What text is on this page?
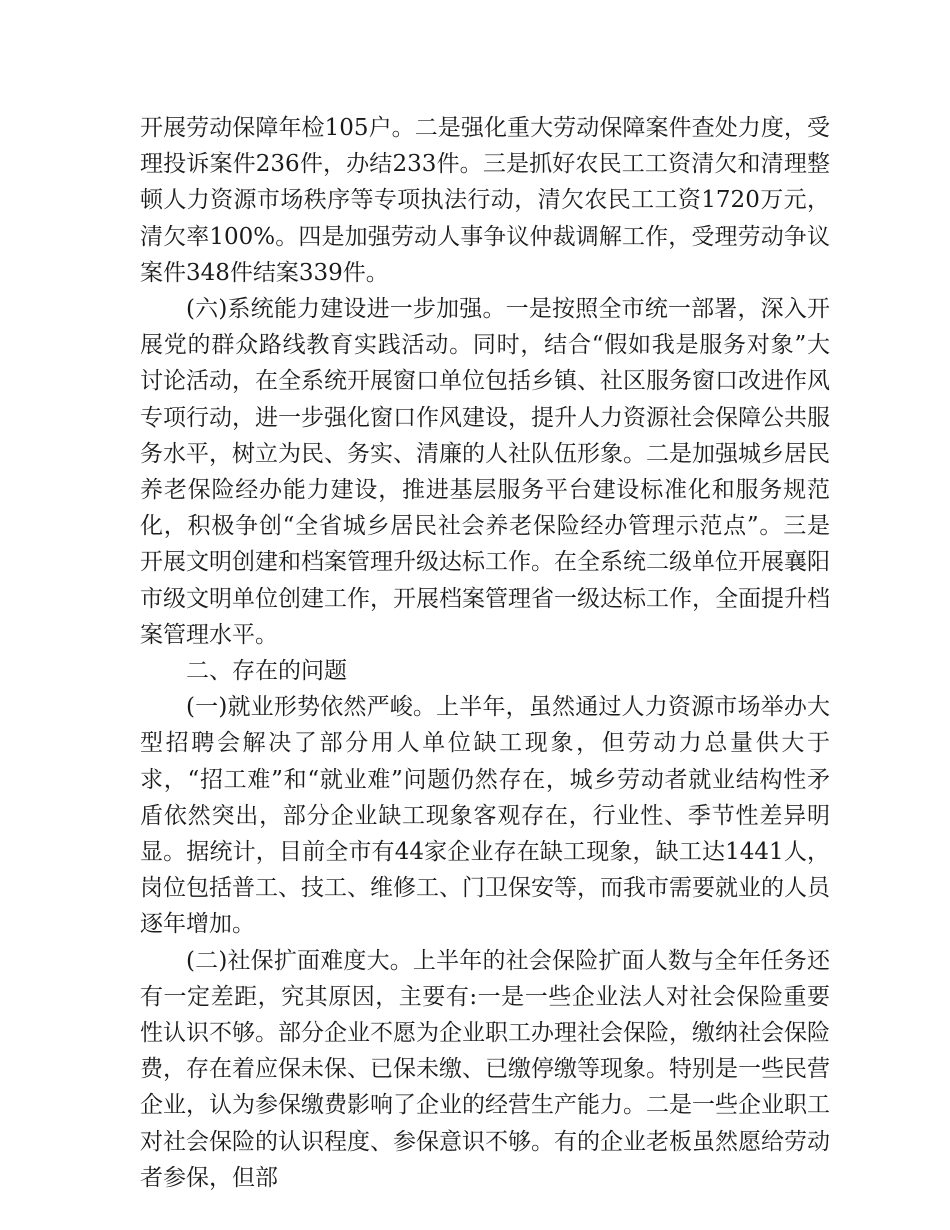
开展劳动保障年检105户。二是强化重大劳动保障案件查处力度，受理投诉案件236件，办结233件。三是抓好农民工工资清欠和清理整顿人力资源市场秩序等专项执法行动，清欠农民工工资1720万元，清欠率100%。四是加强劳动人事争议仲裁调解工作，受理劳动争议案件348件结案339件。

(六)系统能力建设进一步加强。一是按照全市统一部署，深入开展党的群众路线教育实践活动。同时，结合“假如我是服务对象”大讨论活动，在全系统开展窗口单位包括乡镇、社区服务窗口改进作风专项行动，进一步强化窗口作风建设，提升人力资源社会保障公共服务水平，树立为民、务实、清廉的人社队伍形象。二是加强城乡居民养老保险经办能力建设，推进基层服务平台建设标准化和服务规范化，积极争创“全省城乡居民社会养老保险经办管理示范点”。三是开展文明创建和档案管理升级达标工作。在全系统二级单位开展襄阳市级文明单位创建工作，开展档案管理省一级达标工作，全面提升档案管理水平。

二、存在的问题

(一)就业形势依然严峻。上半年，虽然通过人力资源市场举办大型招聘会解决了部分用人单位缺工现象，但劳动力总量供大于求，“招工难”和“就业难”问题仍然存在，城乡劳动者就业结构性矛盾依然突出，部分企业缺工现象客观存在，行业性、季节性差异明显。据统计，目前全市有44家企业存在缺工现象，缺工达1441人，岗位包括普工、技工、维修工、门卫保安等，而我市需要就业的人员逐年增加。

(二)社保扩面难度大。上半年的社会保险扩面人数与全年任务还有一定差距，究其原因，主要有:一是一些企业法人对社会保险重要性认识不够。部分企业不愿为企业职工办理社会保险，缴纳社会保险费，存在着应保未保、已保未缴、已缴停缴等现象。特别是一些民营企业，认为参保缴费影响了企业的经营生产能力。二是一些企业职工对社会保险的认识程度、参保意识不够。有的企业老板虽然愿给劳动者参保，但部
